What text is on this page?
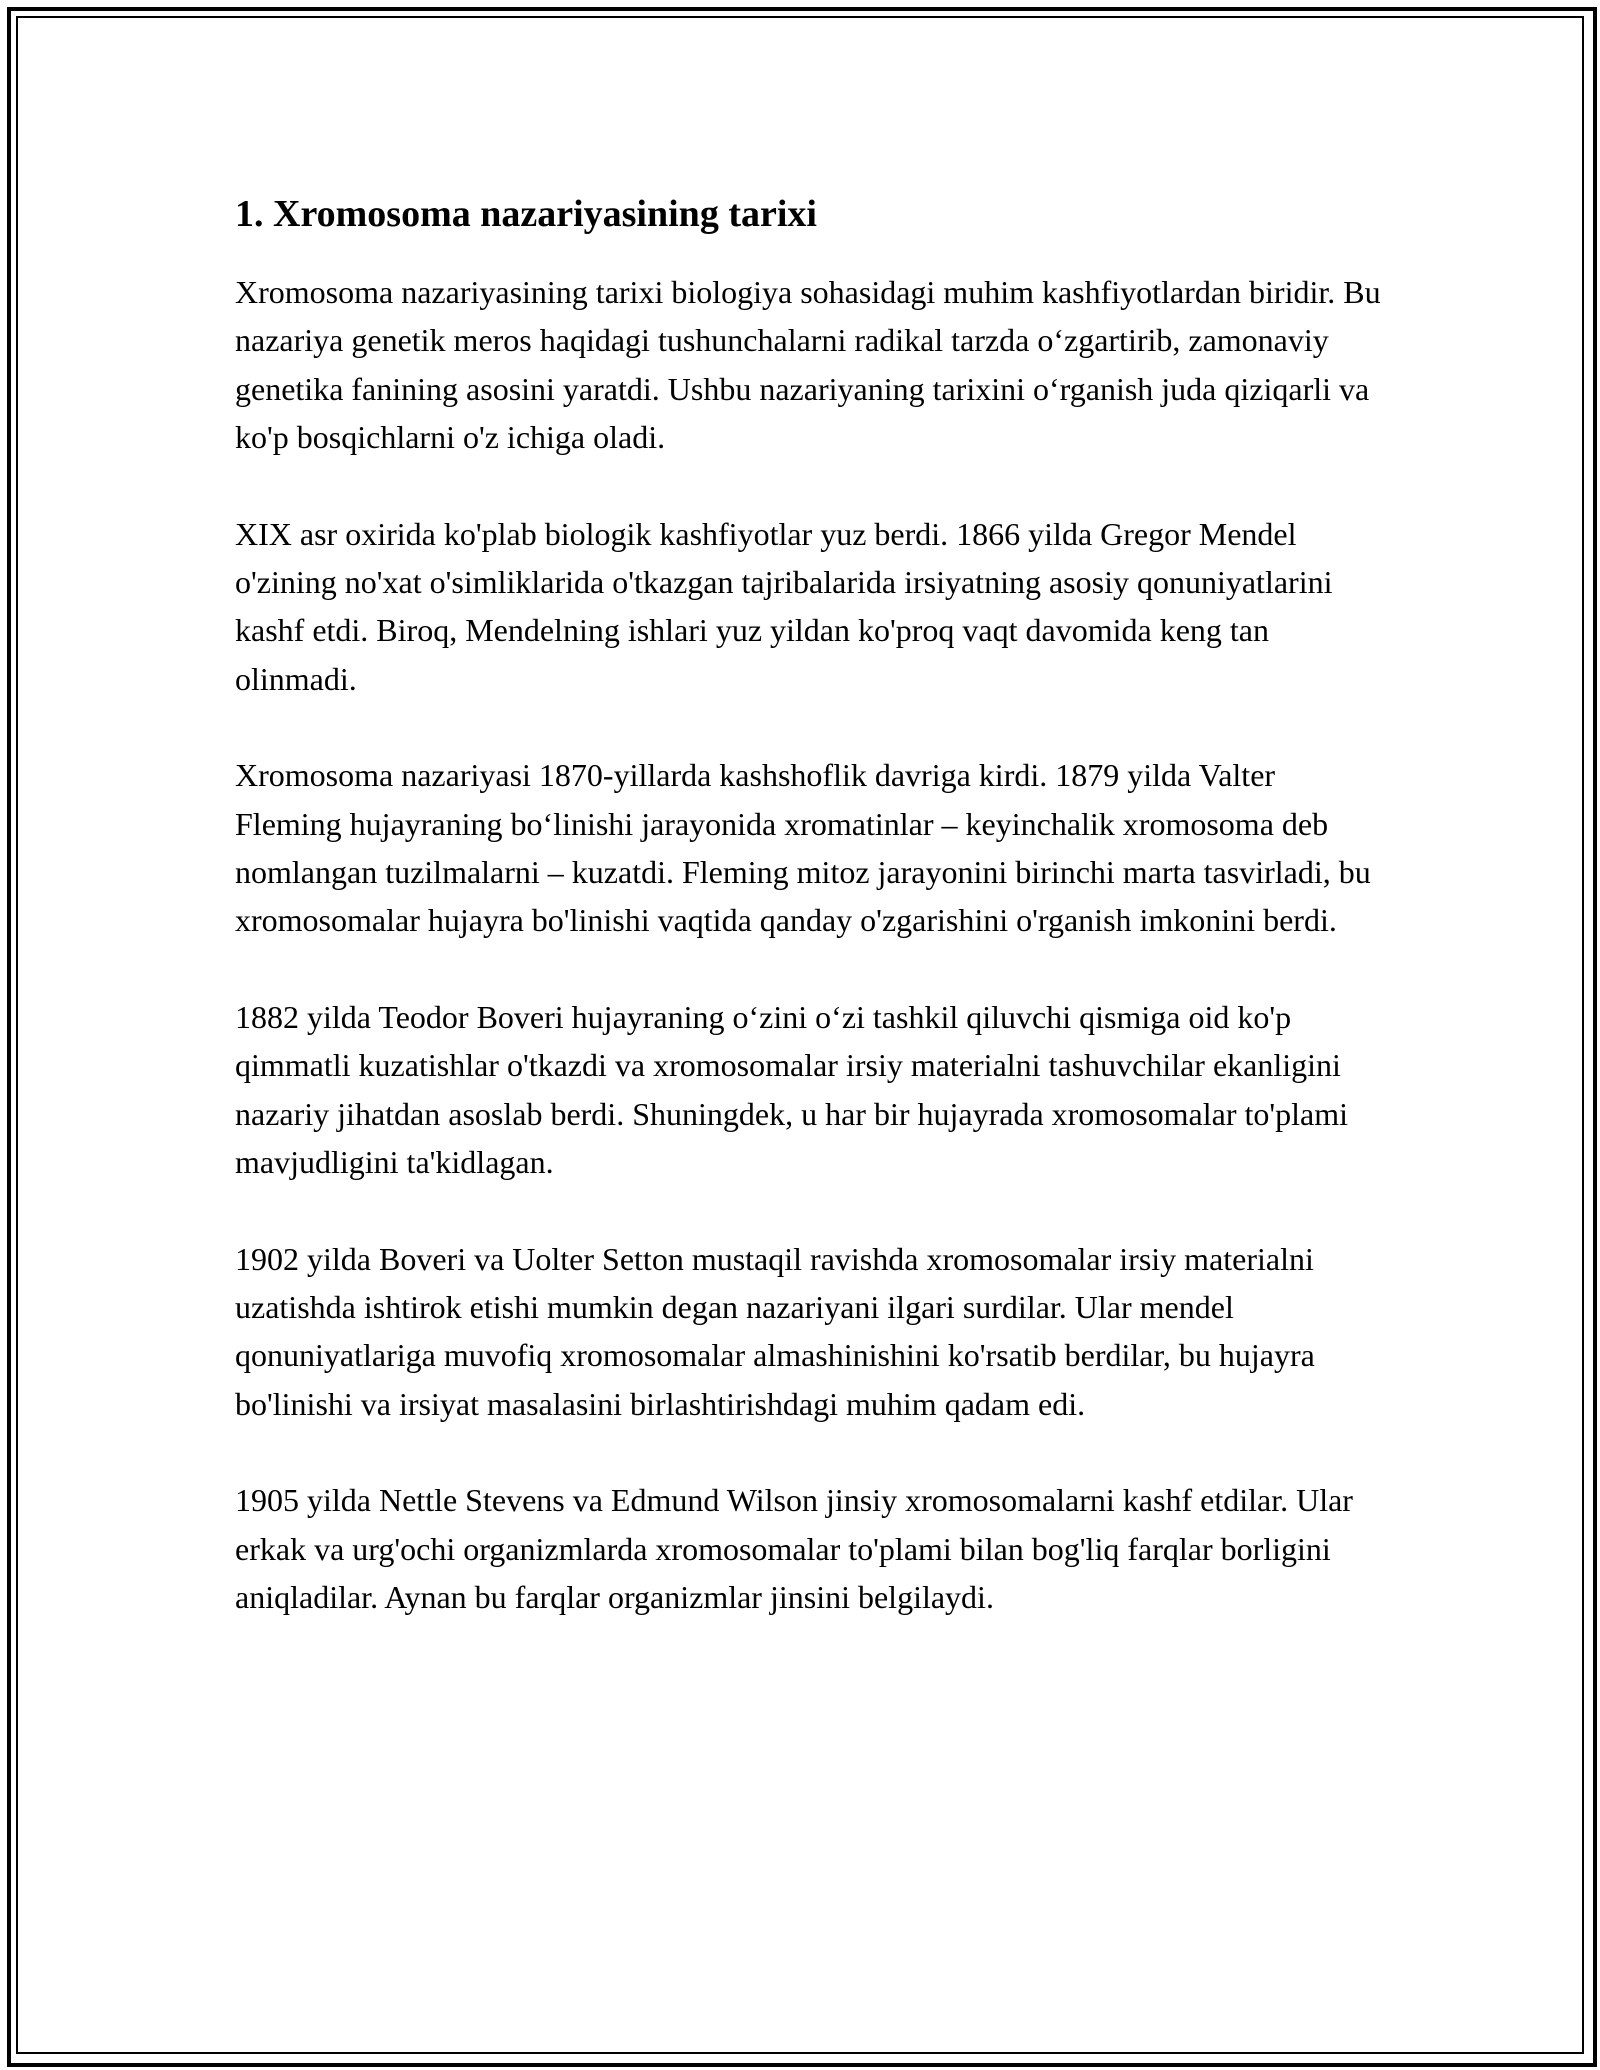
1. Xromosoma nazariyasining tarixi

Xromosoma nazariyasining tarixi biologiya sohasidagi muhim kashfiyotlardan biridir. Bu nazariya genetik meros haqidagi tushunchalarni radikal tarzda o‘zgartirib, zamonaviy genetika fanining asosini yaratdi. Ushbu nazariyaning tarixini o‘rganish juda qiziqarli va ko'p bosqichlarni o'z ichiga oladi.

XIX asr oxirida ko'plab biologik kashfiyotlar yuz berdi. 1866 yilda Gregor Mendel o'zining no'xat o'simliklarida o'tkazgan tajribalarida irsiyatning asosiy qonuniyatlarini kashf etdi. Biroq, Mendelning ishlari yuz yildan ko'proq vaqt davomida keng tan olinmadi.

Xromosoma nazariyasi 1870-yillarda kashshoflik davriga kirdi. 1879 yilda Valter Fleming hujayraning bo‘linishi jarayonida xromatinlar – keyinchalik xromosoma deb nomlangan tuzilmalarni – kuzatdi. Fleming mitoz jarayonini birinchi marta tasvirladi, bu xromosomalar hujayra bo'linishi vaqtida qanday o'zgarishini o'rganish imkonini berdi.

1882 yilda Teodor Boveri hujayraning o‘zini o‘zi tashkil qiluvchi qismiga oid ko'p qimmatli kuzatishlar o'tkazdi va xromosomalar irsiy materialni tashuvchilar ekanligini nazariy jihatdan asoslab berdi. Shuningdek, u har bir hujayrada xromosomalar to'plami mavjudligini ta'kidlagan.

1902 yilda Boveri va Uolter Setton mustaqil ravishda xromosomalar irsiy materialni uzatishda ishtirok etishi mumkin degan nazariyani ilgari surdilar. Ular mendel qonuniyatlariga muvofiq xromosomalar almashinishini ko'rsatib berdilar, bu hujayra bo'linishi va irsiyat masalasini birlashtirishdagi muhim qadam edi.

1905 yilda Nettle Stevens va Edmund Wilson jinsiy xromosomalarni kashf etdilar. Ular erkak va urg'ochi organizmlarda xromosomalar to'plami bilan bog'liq farqlar borligini aniqladilar. Aynan bu farqlar organizmlar jinsini belgilaydi.
